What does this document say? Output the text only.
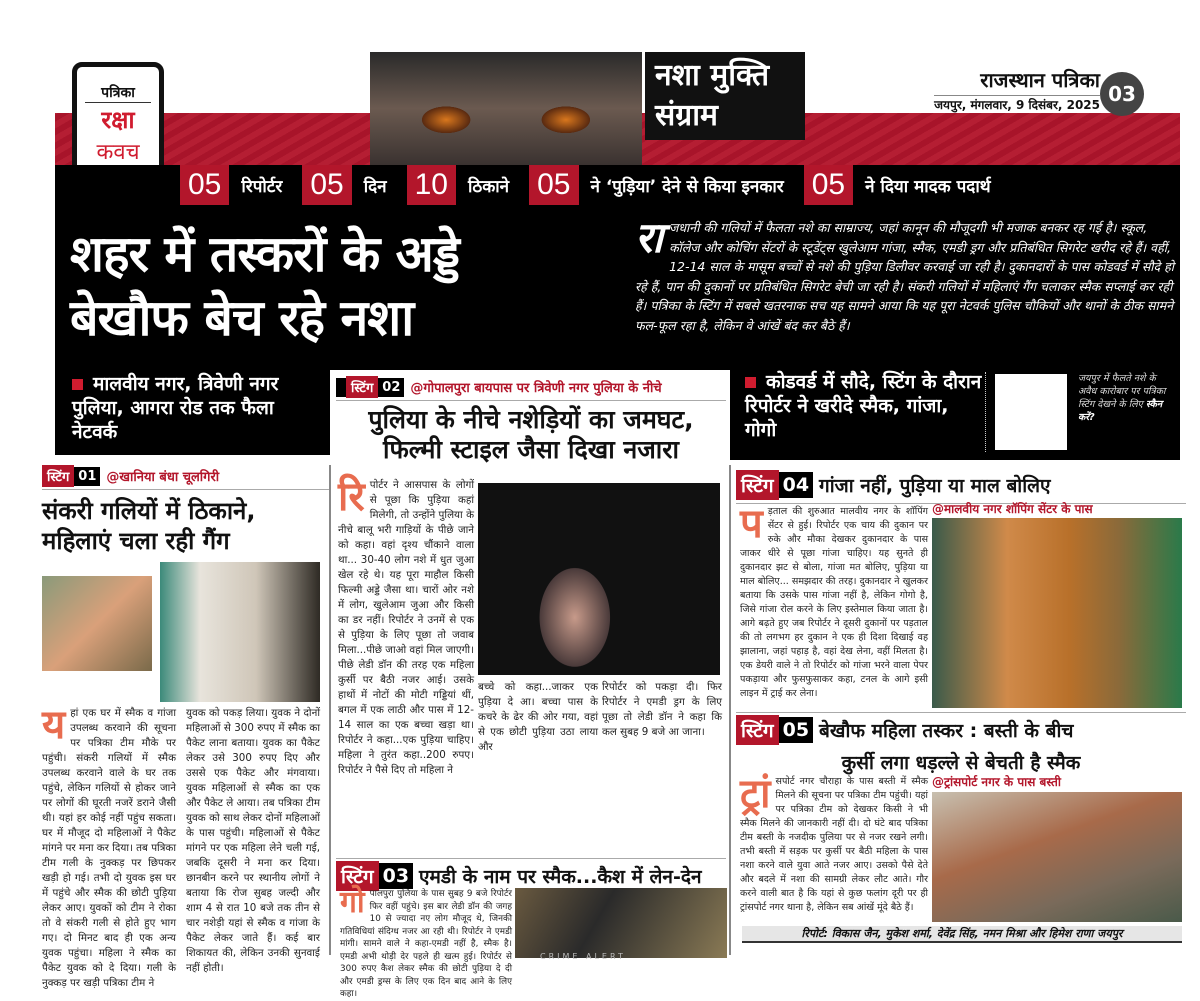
नशा मुक्ति
संग्राम
पत्रिका
रक्षा
कवच
राजस्थान पत्रिका
जयपुर, मंगलवार, 9 दिसंबर, 2025 03
05	रिपोर्टर 05	दिन 10	ठिकाने 05	ने ‘पुड़िया’ देने से किया इनकार 05	ने दिया मादक पदार्थ
शहर में तस्करों के अड्डे
बेखौफ बेच रहे नशा
राजधानी की गलियों में फैलता नशे का साम्राज्य, जहां कानून की मौजूदगी भी मजाक बनकर रह गई है। स्कूल, कॉलेज और कोचिंग सेंटरों के स्टूडेंट्स खुलेआम गांजा, स्मैक, एमडी ड्रग और प्रतिबंधित सिगरेट खरीद रहे हैं। वहीं, 12-14 साल के मासूम बच्चों से नशे की पुड़िया डिलीवर करवाई जा रही है। दुकानदारों के पास कोडवर्ड में सौदे हो रहे हैं, पान की दुकानों पर प्रतिबंधित सिगरेट बेची जा रही है। संकरी गलियों में महिलाएं गैंग चलाकर स्मैक सप्लाई कर रही हैं। पत्रिका के स्टिंग में सबसे खतरनाक सच यह सामने आया कि यह पूरा नेटवर्क पुलिस चौकियों और थानों के ठीक सामने फल-फूल रहा है, लेकिन वे आंखें बंद कर बैठे हैं।
मालवीय नगर, त्रिवेणी नगर पुलिया, आगरा रोड तक फैला नेटवर्क
कोडवर्ड में सौदे, स्टिंग के दौरान रिपोर्टर ने खरीदे स्मैक, गांजा, गोगो
जयपुर में फैलते नशे के अवैध कारोबार पर पत्रिका स्टिंग देखने के लिए स्कैन करें?
स्टिंग 01 @खानिया बंधा चूलगिरी
संकरी गलियों में ठिकाने, महिलाएं चला रही गैंग
यहां एक घर में स्मैक व गांजा उपलब्ध करवाने की सूचना पर पत्रिका टीम मौके पर पहुंची। संकरी गलियों में स्मैक उपलब्ध करवाने वाले के घर तक पहुंचे, लेकिन गलियों से होकर जाने पर लोगों की घूरती नजरें डराने जैसी थी। यहां हर कोई नहीं पहुंच सकता। घर में मौजूद दो महिलाओं ने पैकेट मांगने पर मना कर दिया। तब पत्रिका टीम गली के नुक्कड़ पर छिपकर खड़ी हो गई। तभी दो युवक इस घर में पहुंचे और स्मैक की छोटी पुड़िया लेकर आए। युवकों को टीम ने रोका तो वे संकरी गली से होते हुए भाग गए। दो मिनट बाद ही एक अन्य युवक पहुंचा। महिला ने स्मैक का पैकेट युवक को दे दिया। गली के नुक्कड़ पर खड़ी पत्रिका टीम ने
युवक को पकड़ लिया। युवक ने दोनों महिलाओं से 300 रुपए में स्मैक का पैकेट लाना बताया। युवक का पैकेट लेकर उसे 300 रुपए दिए और उससे एक पैकेट और मंगवाया। युवक महिलाओं से स्मैक का एक और पैकेट ले आया। तब पत्रिका टीम युवक को साथ लेकर दोनों महिलाओं के पास पहुंची। महिलाओं से पैकेट मांगने पर एक महिला लेने चली गई, जबकि दूसरी ने मना कर दिया। छानबीन करने पर स्थानीय लोगों ने बताया कि रोज सुबह जल्दी और शाम 4 से रात 10 बजे तक तीन से चार नशेड़ी यहां से स्मैक व गांजा के पैकेट लेकर जाते हैं। कई बार शिकायत की, लेकिन उनकी सुनवाई नहीं होती।
स्टिंग 02 @गोपालपुरा बायपास पर त्रिवेणी नगर पुलिया के नीचे
पुलिया के नीचे नशेड़ियों का जमघट,
फिल्मी स्टाइल जैसा दिखा नजारा
रिपोर्टर ने आसपास के लोगों से पूछा कि पुड़िया कहां मिलेगी, तो उन्होंने पुलिया के नीचे बालू भरी गाड़ियों के पीछे जाने को कहा। वहां दृश्य चौंकाने वाला था... 30-40 लोग नशे में धुत जुआ खेल रहे थे। यह पूरा माहौल किसी फिल्मी अड्डे जैसा था। चारों ओर नशे में लोग, खुलेआम जुआ और किसी का डर नहीं। रिपोर्टर ने उनमें से एक से पुड़िया के लिए पूछा तो जवाब मिला...पीछे जाओ वहां मिल जाएगी। पीछे लेडी डॉन की तरह एक महिला कुर्सी पर बैठी नजर आई। उसके हाथों में नोटों की मोटी गड्डियां थीं, बगल में एक लाठी और पास में 12-14 साल का एक बच्चा खड़ा था। रिपोर्टर ने कहा...एक पुड़िया चाहिए। महिला ने तुरंत कहा..200 रुपए। रिपोर्टर ने पैसे दिए तो महिला ने
बच्चे को कहा...जाकर एक पुड़िया दे आ। बच्चा पास के कचरे के ढेर की ओर गया, वहां से एक छोटी पुड़िया उठा लाया और
रिपोर्टर को पकड़ा दी। फिर रिपोर्टर ने एमडी ड्रग के लिए पूछा तो लेडी डॉन ने कहा कि कल सुबह 9 बजे आ जाना।
स्टिंग 03 एमडी के नाम पर स्मैक...कैश में लेन-देन
गोपालपुरा पुलिया के पास सुबह 9 बजे रिपोर्टर फिर वहीं पहुंचे। इस बार लेडी डॉन की जगह 10 से ज्यादा नए लोग मौजूद थे, जिनकी गतिविधियां संदिग्ध नजर आ रही थी। रिपोर्टर ने एमडी मांगी। सामने वाले ने कहा-एमडी नहीं है, स्मैक है। एमडी अभी थोड़ी देर पहले ही खत्म हुई। रिपोर्टर से 300 रुपए कैश लेकर स्मैक की छोटी पुड़िया दे दी और एमडी ड्रग्स के लिए एक दिन बाद आने के लिए कहा।
स्टिंग 04 गांजा नहीं, पुड़िया या माल बोलिए
पड़ताल की शुरुआत मालवीय नगर के शॉपिंग सेंटर से हुई। रिपोर्टर एक चाय की दुकान पर रुके और मौका देखकर दुकानदार के पास जाकर धीरे से पूछा गांजा चाहिए। यह सुनते ही दुकानदार झट से बोला, गांजा मत बोलिए, पुड़िया या माल बोलिए... समझदार की तरह। दुकानदार ने खुलकर बताया कि उसके पास गांजा नहीं है, लेकिन गोगो है, जिसे गांजा रोल करने के लिए इस्तेमाल किया जाता है। आगे बढ़ते हुए जब रिपोर्टर ने दूसरी दुकानों पर पड़ताल की तो लगभग हर दुकान ने एक ही दिशा दिखाई वह झालाना, जहां पहाड़ है, वहां देख लेना, वहीं मिलता है। एक डेयरी वाले ने तो रिपोर्टर को गांजा भरने वाला पेपर पकड़ाया और फुसफुसाकर कहा, टनल के आगे इसी लाइन में ट्राई कर लेना।
@मालवीय नगर शॉपिंग सेंटर के पास
स्टिंग 05 बेखौफ महिला तस्कर : बस्ती के बीच
कुर्सी लगा धड़ल्ले से बेचती है स्मैक
ट्रां सपोर्ट नगर चौराहा के पास बस्ती में स्मैक मिलने की सूचना पर पत्रिका टीम पहुंची। यहां पर पत्रिका टीम को देखकर किसी ने भी स्मैक मिलने की जानकारी नहीं दी। दो घंटे बाद पत्रिका टीम बस्ती के नजदीक पुलिया पर से नजर रखने लगी। तभी बस्ती में सड़क पर कुर्सी पर बैठी महिला के पास नशा करने वाले युवा आते नजर आए। उसको पैसे देते और बदले में नशा की सामग्री लेकर लौट आते। गौर करने वाली बात है कि यहां से कुछ फलांग दूरी पर ही ट्रांसपोर्ट नगर थाना है, लेकिन सब आंखें मूंदे बैठे हैं।
@ट्रांसपोर्ट नगर के पास बस्ती
रिपोर्ट: विकास जैन, मुकेश शर्मा, देवेंद्र सिंह, नमन मिश्रा और हिमेश राणा जयपुर
CRIME ALERT
